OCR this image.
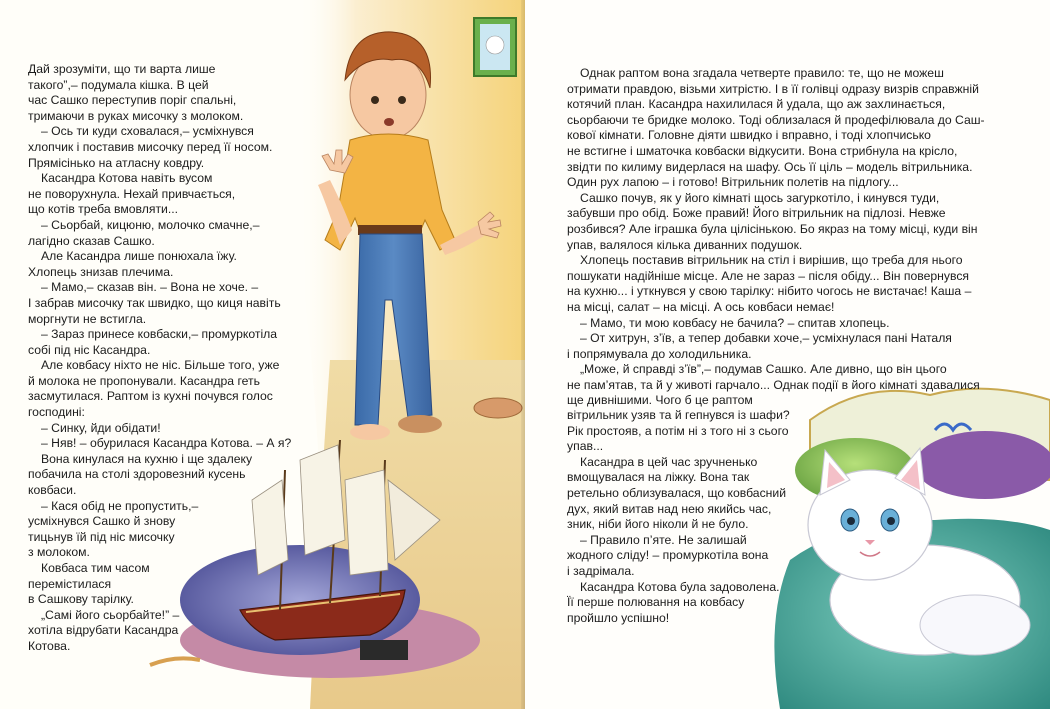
Дай зрозуміти, що ти варта лише
такого”,– подумала кішка. В цей
час Сашко переступив поріг спальні,
тримаючи в руках мисочку з молоком.

– Ось ти куди сховалася,– усміхнувся
хлопчик і поставив мисочку перед її носом.
Прямісінько на атласну ковдру.

Касандра Котова навіть вусом
не поворухнула. Нехай привчається,
що котів треба вмовляти...

– Сьорбай, кицюню, молочко смачне,–
лагідно сказав Сашко.

Але Касандра лише понюхала їжу.
Хлопець знизав плечима.

– Мамо,– сказав він. – Вона не хоче. –
І забрав мисочку так швидко, що киця навіть
моргнути не встигла.

– Зараз принесе ковбаски,– промуркотіла
собі під ніс Касандра.

Але ковбасу ніхто не ніс. Більше того, уже
й молока не пропонували. Касандра геть
засмутилася. Раптом із кухні почувся голос
господині:

– Синку, йди обідати!

– Няв! – обурилася Касандра Котова. – А я?

Вона кинулася на кухню і ще здалеку
побачила на столі здоровезний кусень
ковбаси.

– Кася обід не пропустить,–
усміхнувся Сашко й знову
тицьнув їй під ніс мисочку
з молоком.

Ковбаса тим часом
перемістилася
в Сашкову тарілку.

„Самі його сьорбайте!” –
хотіла відрубати Касандра
Котова.

Однак раптом вона згадала четверте правило: те, що не можеш
отримати правдою, візьми хитрістю. І в її голівці одразу визрів справжній
котячий план. Касандра нахилилася й удала, що аж захлинається,
сьорбаючи те бридке молоко. Тоді облизалася й продефілювала до Саш-
кової кімнати. Головне діяти швидко і вправно, і тоді хлопчисько
не встигне і шматочка ковбаски відкусити. Вона стрибнула на крісло,
звідти по килиму видерлася на шафу. Ось її ціль – модель вітрильника.
Один рух лапою – і готово! Вітрильник полетів на підлогу...

Сашко почув, як у його кімнаті щось загуркотіло, і кинувся туди,
забувши про обід. Боже правий! Його вітрильник на підлозі. Невже
розбився? Але іграшка була цілісінькою. Бо якраз на тому місці, куди він
упав, валялося кілька диванних подушок.

Хлопець поставив вітрильник на стіл і вирішив, що треба для нього
пошукати надійніше місце. Але не зараз – після обіду... Він повернувся
на кухню... і уткнувся у свою тарілку: нібито чогось не вистачає! Каша –
на місці, салат – на місці. А ось ковбаси немає!

– Мамо, ти мою ковбасу не бачила? – спитав хлопець.

– От хитрун, з’їв, а тепер добавки хоче,– усміхнулася пані Наталя
і попрямувала до холодильника.

„Може, й справді з’їв”,– подумав Сашко. Але дивно, що він цього
не пам’ятав, та й у животі гарчало... Однак події в його кімнаті здавалися
ще дивнішими. Чого б це раптом

вітрильник узяв та й гепнувся із шафи?
Рік простояв, а потім ні з того ні з сього
упав...

Касандра в цей час зручненько
вмощувалася на ліжку. Вона так
ретельно облизувалася, що ковбасний
дух, який витав над нею якийсь час,
зник, ніби його ніколи й не було.

– Правило п’яте. Не залишай
жодного сліду! – промуркотіла вона
і задрімала.

Касандра Котова була задоволена.
Її перше полювання на ковбасу
пройшло успішно!
